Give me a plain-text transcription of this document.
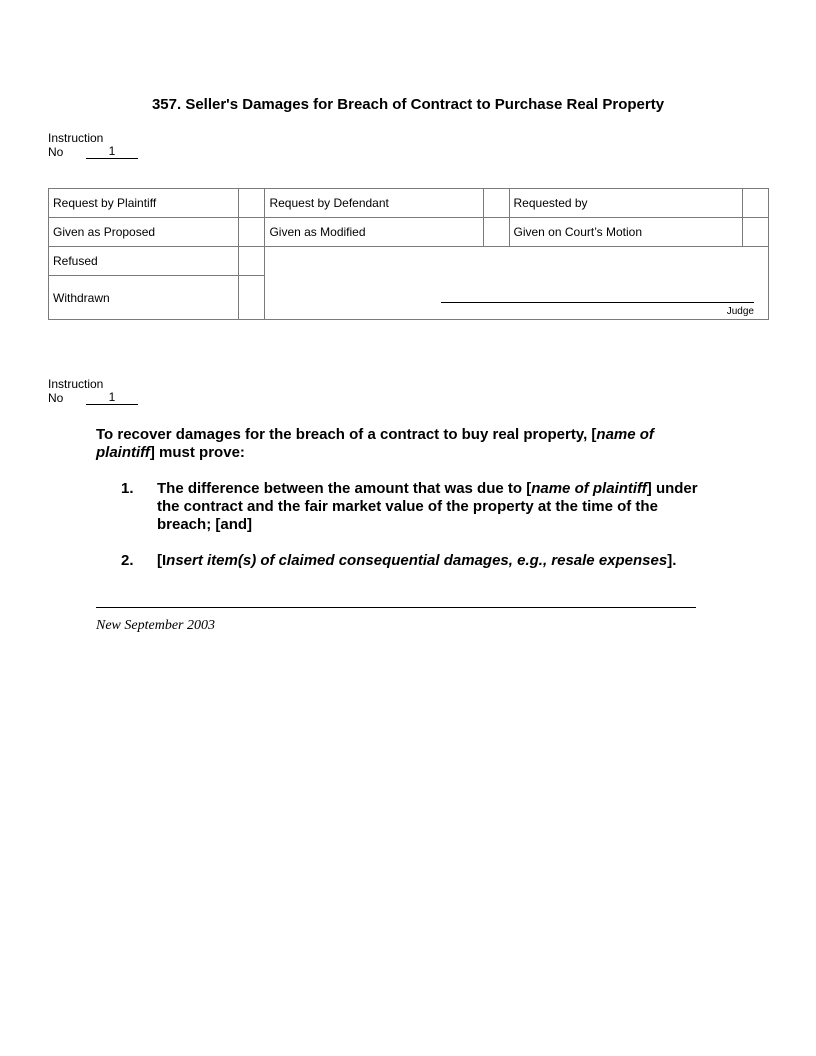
357. Seller's Damages for Breach of Contract to Purchase Real Property
Instruction
No	1
Request by Plaintiff		Request by Defendant		Requested by	
Given as Proposed		Given as Modified		Given on Court’s Motion	
Refused		Judge			

Withdrawn					
Instruction
No	1

To recover damages for the breach of a contract to buy real property, [name of plaintiff] must prove:

1.	The difference between the amount that was due to [name of plaintiff] under the contract and the fair market value of the property at the time of the breach; [and]
2.	[Insert item(s) of claimed consequential damages, e.g., resale expenses].
New September 2003
